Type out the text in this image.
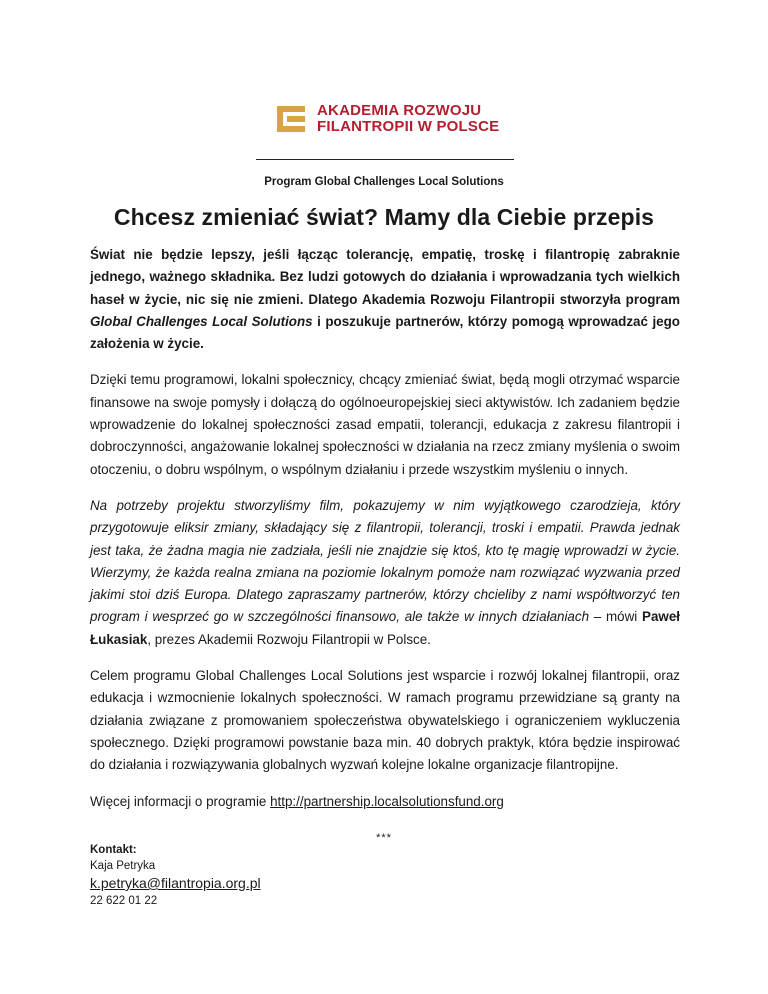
AKADEMIA ROZWOJU
FILANTROPII W POLSCE
Program Global Challenges Local Solutions
Chcesz zmieniać świat? Mamy dla Ciebie przepis

Świat nie będzie lepszy, jeśli łącząc tolerancję, empatię, troskę i filantropię zabraknie jednego, ważnego składnika. Bez ludzi gotowych do działania i wprowadzania tych wielkich haseł w życie, nic się nie zmieni. Dlatego Akademia Rozwoju Filantropii stworzyła program Global Challenges Local Solutions i poszukuje partnerów, którzy pomogą wprowadzać jego założenia w życie.

Dzięki temu programowi, lokalni społecznicy, chcący zmieniać świat, będą mogli otrzymać wsparcie finansowe na swoje pomysły i dołączą do ogólnoeuropejskiej sieci aktywistów. Ich zadaniem będzie wprowadzenie do lokalnej społeczności zasad empatii, tolerancji, edukacja z zakresu filantropii i dobroczynności, angażowanie lokalnej społeczności w działania na rzecz zmiany myślenia o swoim otoczeniu, o dobru wspólnym, o wspólnym działaniu i przede wszystkim myśleniu o innych.

Na potrzeby projektu stworzyliśmy film, pokazujemy w nim wyjątkowego czarodzieja, który przygotowuje eliksir zmiany, składający się z filantropii, tolerancji, troski i empatii. Prawda jednak jest taka, że żadna magia nie zadziała, jeśli nie znajdzie się ktoś, kto tę magię wprowadzi w życie. Wierzymy, że każda realna zmiana na poziomie lokalnym pomoże nam rozwiązać wyzwania przed jakimi stoi dziś Europa. Dlatego zapraszamy partnerów, którzy chcieliby z nami współtworzyć ten program i wesprzeć go w szczególności finansowo, ale także w innych działaniach – mówi Paweł Łukasiak, prezes Akademii Rozwoju Filantropii w Polsce.

Celem programu Global Challenges Local Solutions jest wsparcie i rozwój lokalnej filantropii, oraz edukacja i wzmocnienie lokalnych społeczności. W ramach programu przewidziane są granty na działania związane z promowaniem społeczeństwa obywatelskiego i ograniczeniem wykluczenia społecznego. Dzięki programowi powstanie baza min. 40 dobrych praktyk, która będzie inspirować do działania i rozwiązywania globalnych wyzwań kolejne lokalne organizacje filantropijne.

Więcej informacji o programie http://partnership.localsolutionsfund.org

***
Kontakt:
Kaja Petryka
k.petryka@filantropia.org.pl
22 622 01 22
